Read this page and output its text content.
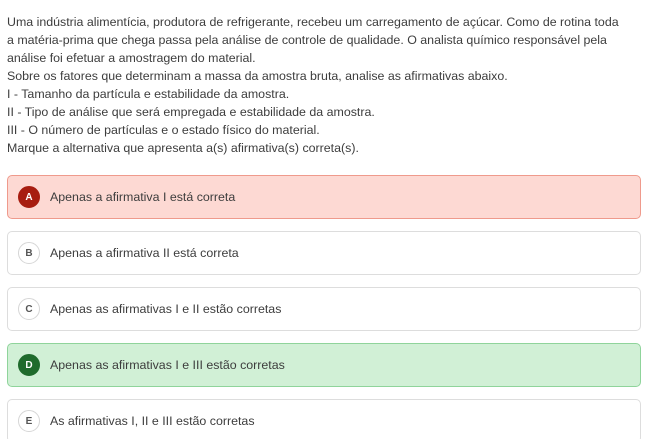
Uma indústria alimentícia, produtora de refrigerante, recebeu um carregamento de açúcar. Como de rotina toda

a matéria-prima que chega passa pela análise de controle de qualidade. O analista químico responsável pela

análise foi efetuar a amostragem do material.

Sobre os fatores que determinam a massa da amostra bruta, analise as afirmativas abaixo.

I - Tamanho da partícula e estabilidade da amostra.

II - Tipo de análise que será empregada e estabilidade da amostra.

III - O número de partículas e o estado físico do material.

Marque a alternativa que apresenta a(s) afirmativa(s) correta(s).

A	Apenas a afirmativa I está correta
B	Apenas a afirmativa II está correta
C	Apenas as afirmativas I e II estão corretas
D	Apenas as afirmativas I e III estão corretas
E	As afirmativas I, II e III estão corretas
